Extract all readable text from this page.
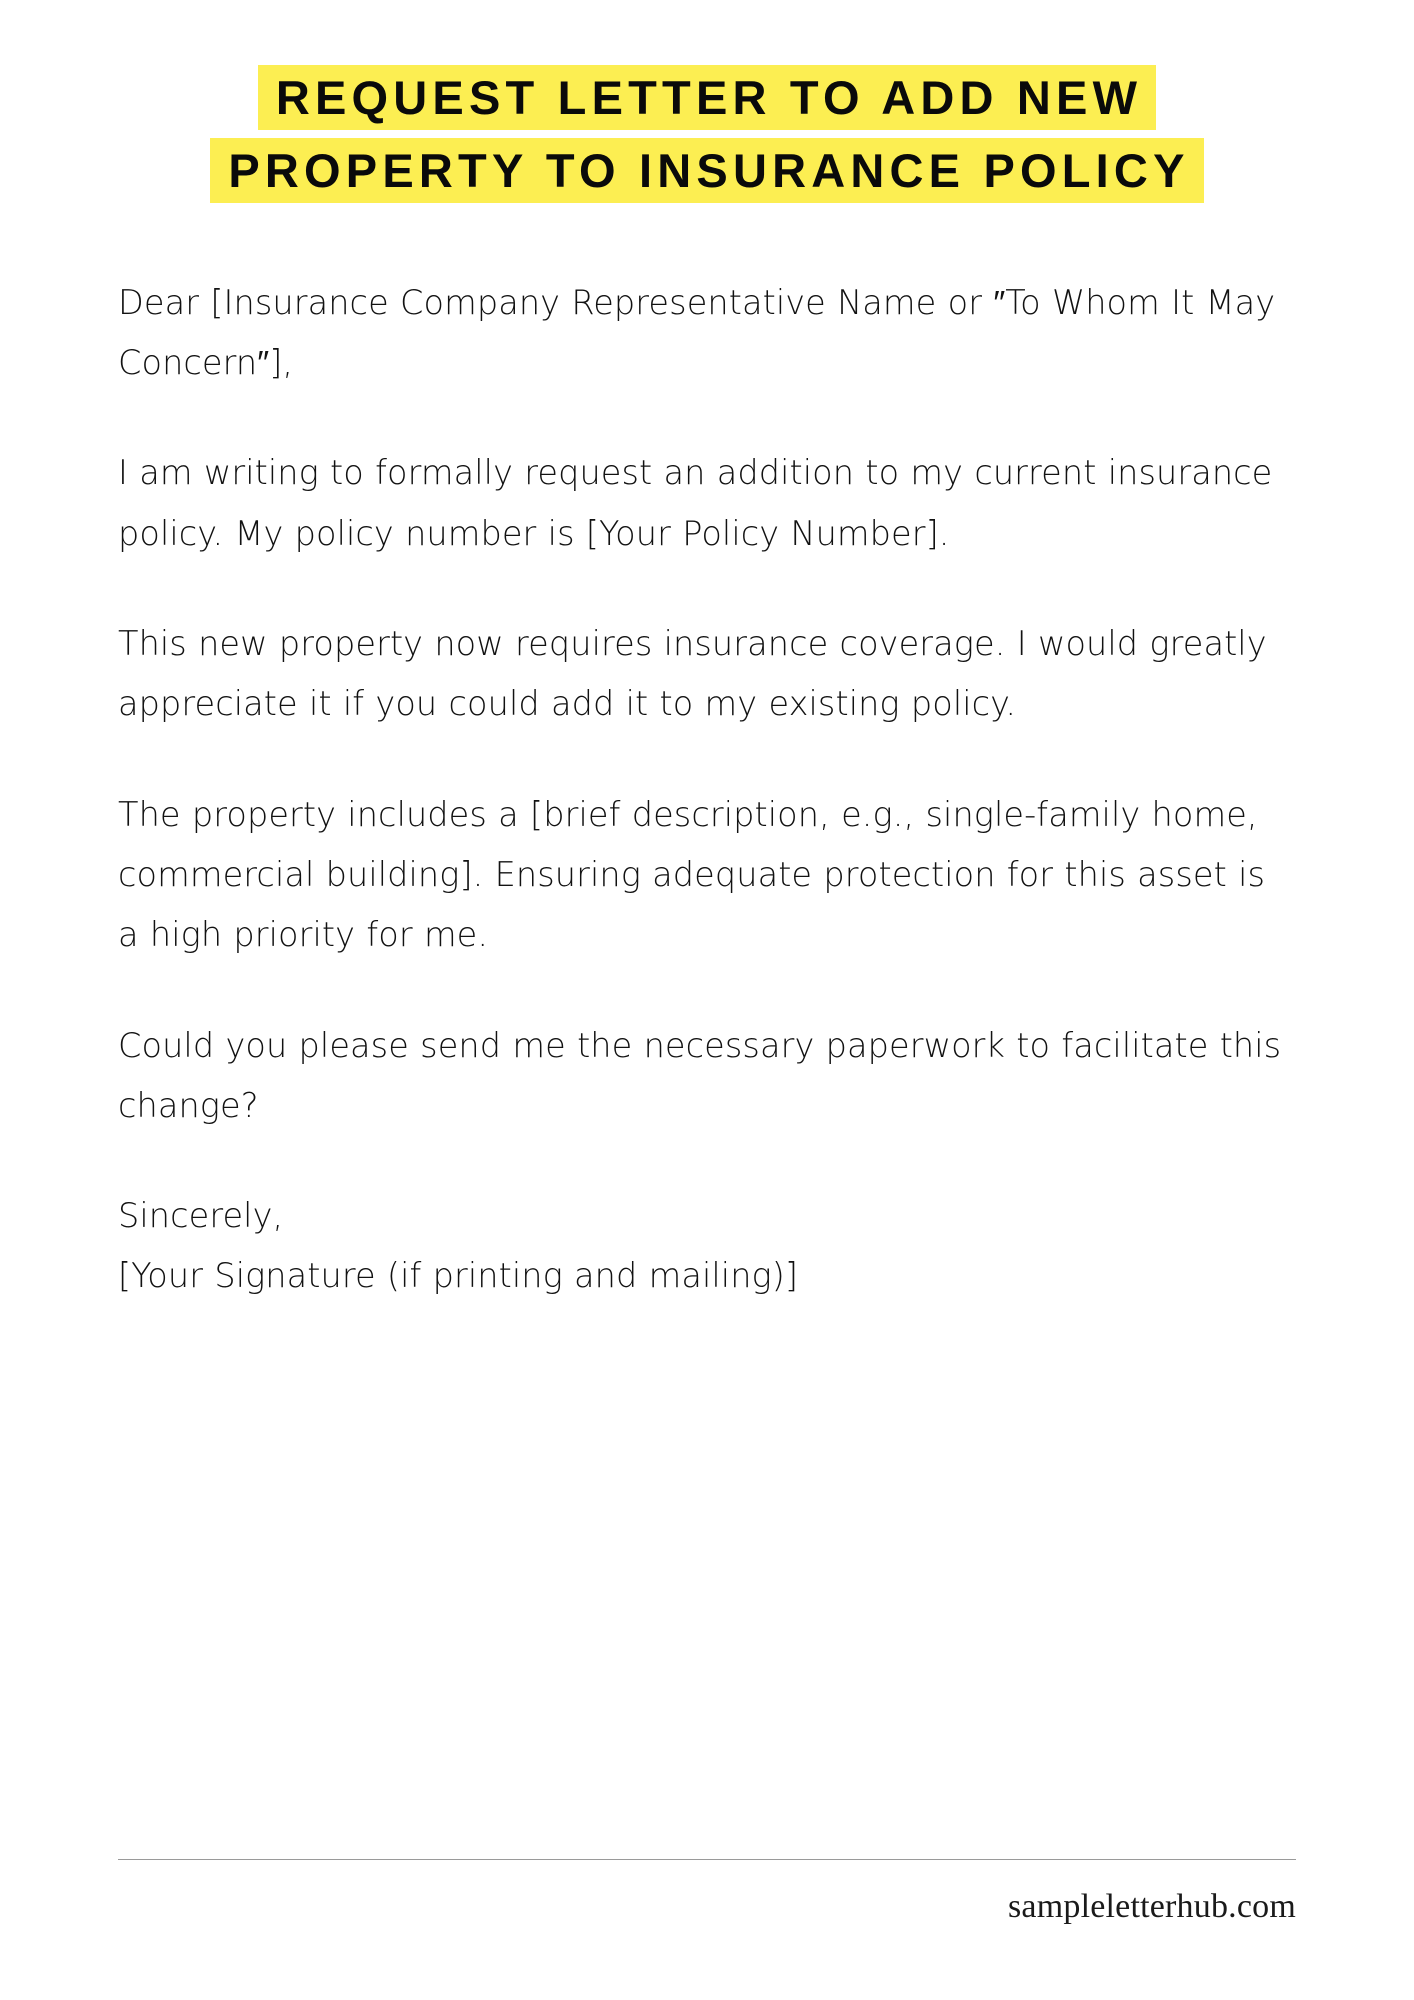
REQUEST LETTER TO ADD NEW
PROPERTY TO INSURANCE POLICY

Dear [Insurance Company Representative Name or ″To Whom It May Concern″],

I am writing to formally request an addition to my current insurance policy. My policy number is [Your Policy Number].

This new property now requires insurance coverage. I would greatly appreciate it if you could add it to my existing policy.

The property includes a [brief description, e.g., single-family home, commercial building]. Ensuring adequate protection for this asset is a high priority for me.

Could you please send me the necessary paperwork to facilitate this change?

Sincerely,

[Your Signature (if printing and mailing)]

sampleletterhub.com
